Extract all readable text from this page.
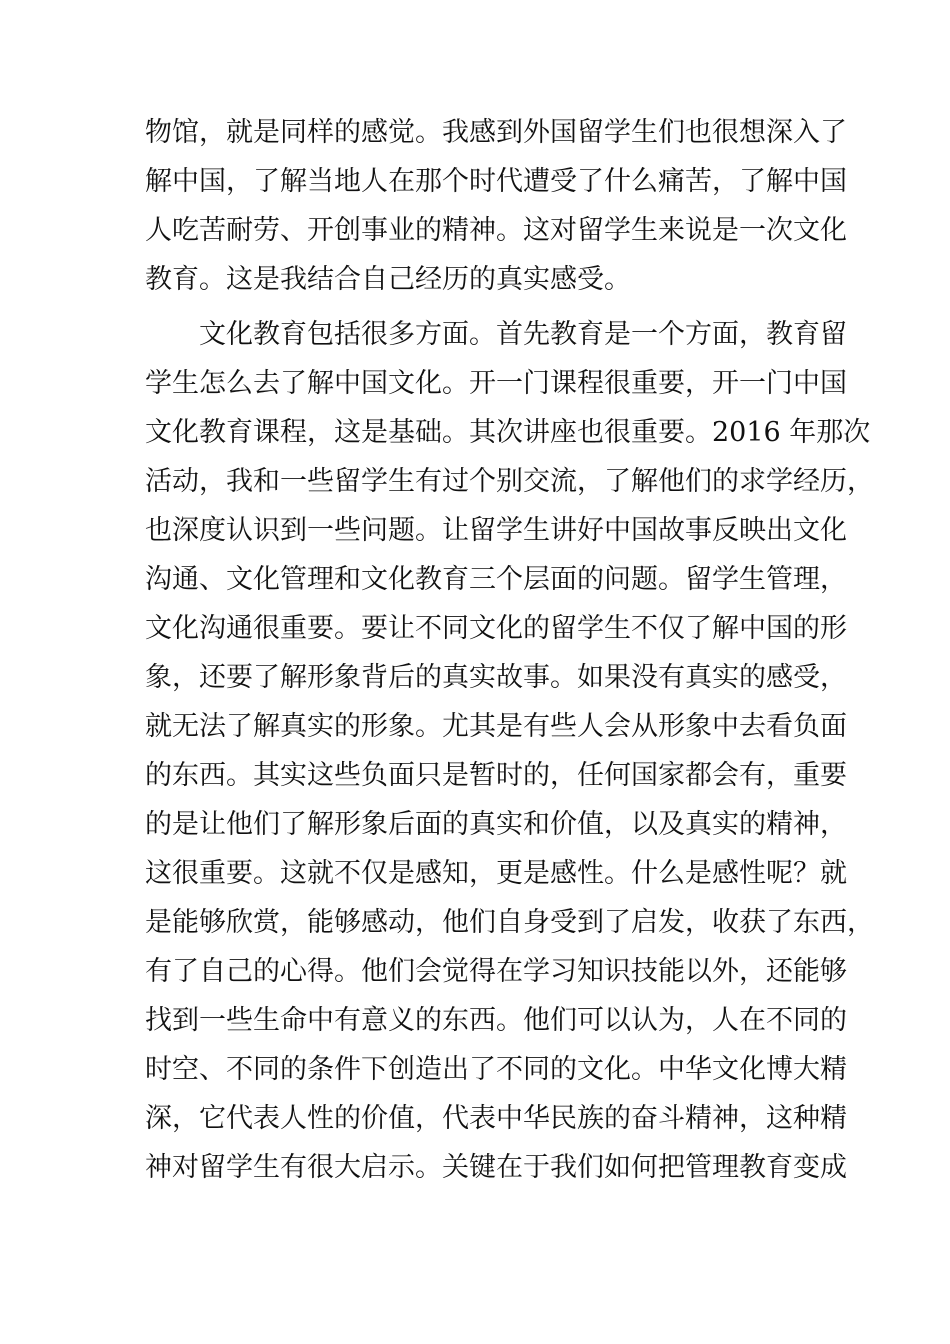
物馆，就是同样的感觉。我感到外国留学生们也很想深入了
解中国，了解当地人在那个时代遭受了什么痛苦，了解中国
人吃苦耐劳、开创事业的精神。这对留学生来说是一次文化
教育。这是我结合自己经历的真实感受。
文化教育包括很多方面。首先教育是一个方面，教育留
学生怎么去了解中国文化。开一门课程很重要，开一门中国
文化教育课程，这是基础。其次讲座也很重要。2016 年那次
活动，我和一些留学生有过个别交流，了解他们的求学经历，
也深度认识到一些问题。让留学生讲好中国故事反映出文化
沟通、文化管理和文化教育三个层面的问题。留学生管理，
文化沟通很重要。要让不同文化的留学生不仅了解中国的形
象，还要了解形象背后的真实故事。如果没有真实的感受，
就无法了解真实的形象。尤其是有些人会从形象中去看负面
的东西。其实这些负面只是暂时的，任何国家都会有，重要
的是让他们了解形象后面的真实和价值，以及真实的精神，
这很重要。这就不仅是感知，更是感性。什么是感性呢？就
是能够欣赏，能够感动，他们自身受到了启发，收获了东西，
有了自己的心得。他们会觉得在学习知识技能以外，还能够
找到一些生命中有意义的东西。他们可以认为，人在不同的
时空、不同的条件下创造出了不同的文化。中华文化博大精
深，它代表人性的价值，代表中华民族的奋斗精神，这种精
神对留学生有很大启示。关键在于我们如何把管理教育变成
